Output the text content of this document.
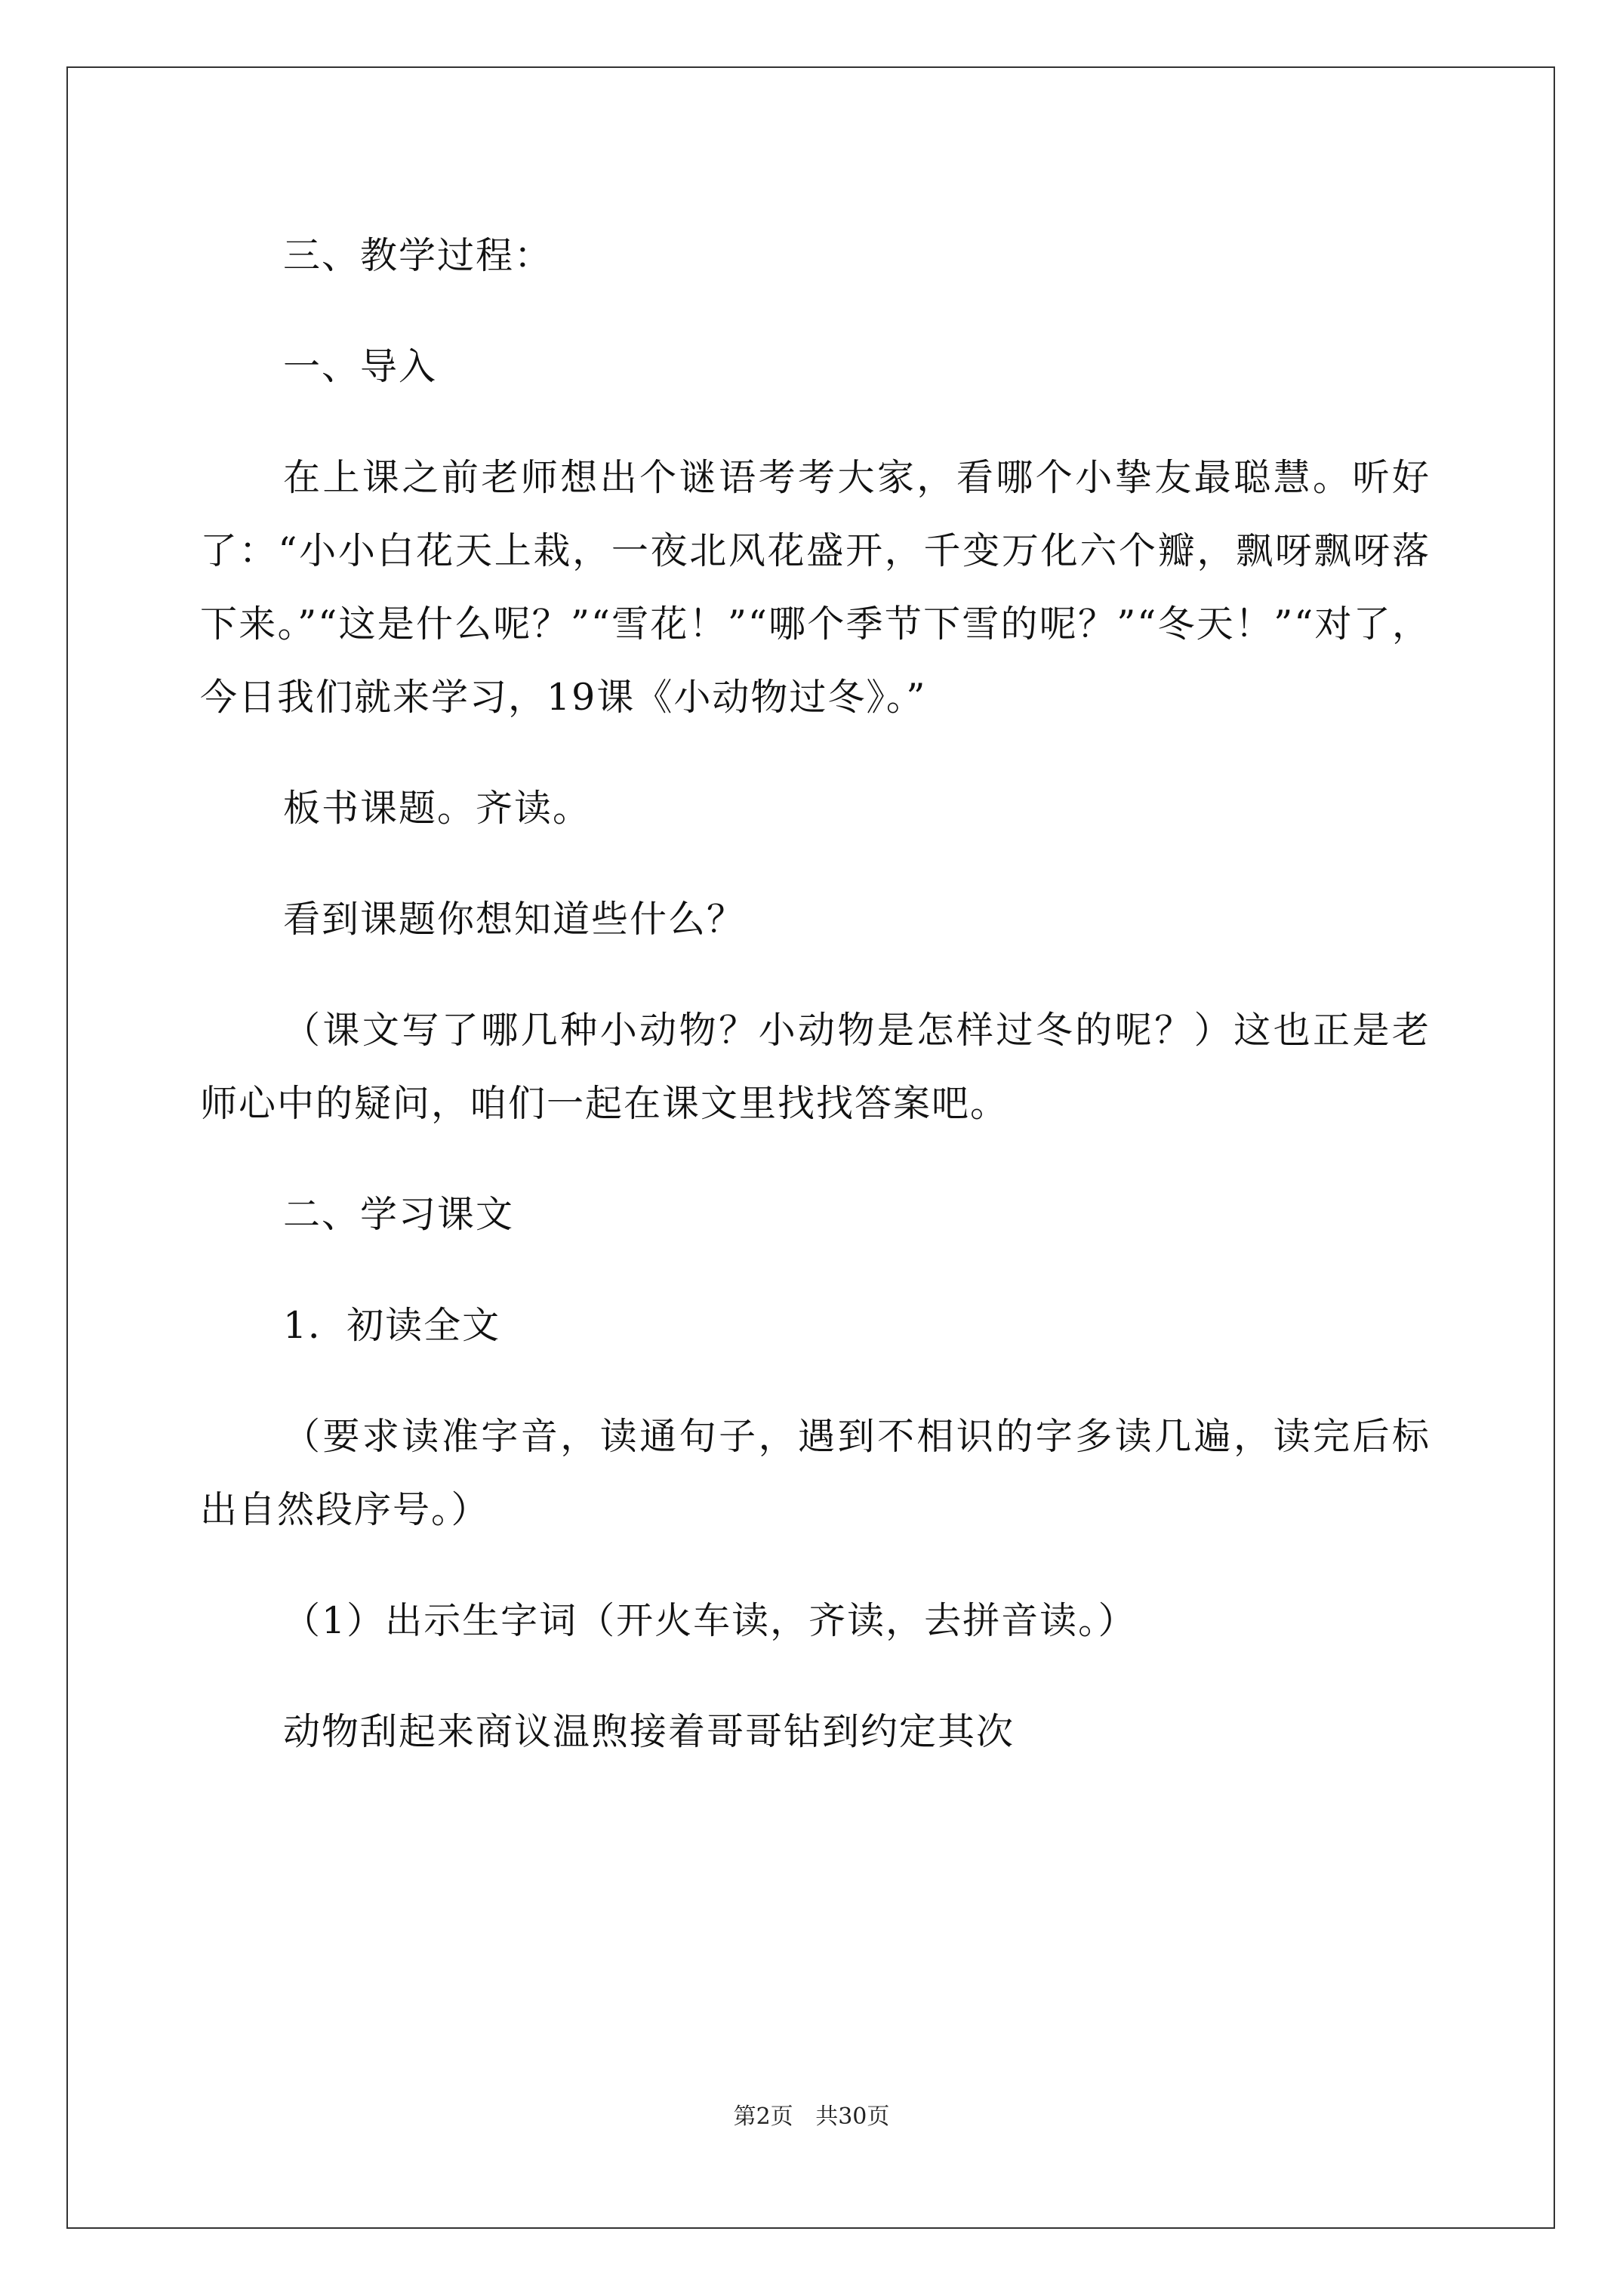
三、教学过程：

一、导入

在上课之前老师想出个谜语考考大家，看哪个小挚友最聪慧。听好了：“小小白花天上栽，一夜北风花盛开，千变万化六个瓣，飘呀飘呀落下来。”“这是什么呢？”“雪花！”“哪个季节下雪的呢？”“冬天！”“对了，今日我们就来学习，19课《小动物过冬》。”

板书课题。齐读。

看到课题你想知道些什么？

（课文写了哪几种小动物？小动物是怎样过冬的呢？）这也正是老师心中的疑问，咱们一起在课文里找找答案吧。

二、学习课文

1．初读全文

（要求读准字音，读通句子，遇到不相识的字多读几遍，读完后标出自然段序号。）

（1）出示生字词（开火车读，齐读，去拼音读。）

动物刮起来商议温煦接着哥哥钻到约定其次

第2页 共30页
